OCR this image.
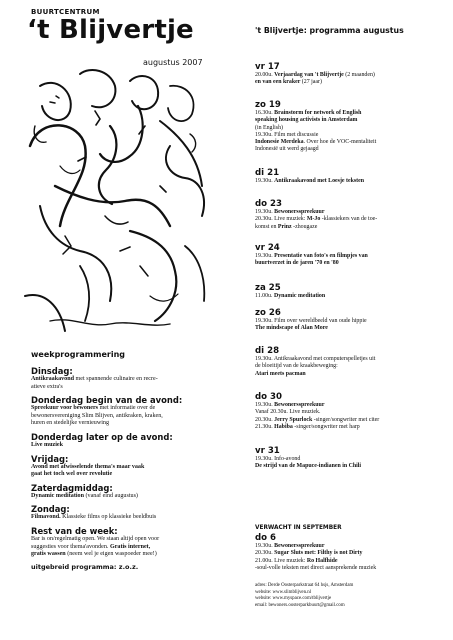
BUURTCENTRUM
‘t Blijvertje
augustus 2007
weekprogrammering
Dinsdag:
Antikraakavond met spannende culinaire en recre-
atieve extra's
Donderdag begin van de avond:
Spreekuur voor bewoners met informatie over de
bewonersvereniging Slim Blijven, antikraken, kraken,
huren en stedelijke vernieuwing
Donderdag later op de avond:
Live muziek
Vrijdag:
Avond met afwisselende thema's maar vaak
gaat het toch wel over revolutie
Zaterdagmiddag:
Dynamic meditation (vanaf eind augustus)
Zondag:
Filmavond. Klassieke films op klassieke beeldbuis
Rest van de week:
Bar is on/regelmatig open. We staan altijd open voor
suggesties voor thema'avonden. Gratis internet,
gratis wassen (neem wel je eigen waspoeder mee!)
uitgebreid programma: z.o.z.
't Blijvertje: programma augustus
vr 17
20.00u. Verjaardag van 't Blijvertje (2 maanden)
en van een kraker (27 jaar)
zo 19
16.30u. Brainstorm for network of English
speaking housing activists in Amsterdam
(in English)
19.30u. Film met discussie
Indonesie Merdeka. Over hoe de VOC-mentaliteit
Indonesië uit werd gejaagd
di 21
19.30u. Antikraakavond met Loesje teksten
do 23
19.30u. Bewonersspreekuur
20.30u. Live muziek: M-Jo -klassiekers van de toe-
komst en Prinz -zhougaze
vr 24
19.30u. Presentatie van foto's en filmpjes van
buurtverzet in de jaren '70 en '80
za 25
11.00u. Dynamic meditation
zo 26
19.30u. Film over wereldbeeld van oude hippie
The mindscape of Alan More
di 28
19.30u. Antikraakavond met computerspelletjes uit
de bloeitijd van de kraakbeweging:
Atari meets pacman
do 30
19.30u. Bewonersspreekuur
Vanaf 20.30u. Live muziek.
20.30u. Jerry Spurlock -singer/songwriter met citer
21.30u. Habiba -singer/songwriter met harp
vr 31
19.30u. Info-avond
De strijd van de Mapuce-indianen in Chili
VERWACHT IN SEPTEMBER
do 6
19.30u. Bewonersspreekuur
20.30u. Sugar Sluts met: Filthy is not Dirty
21.00u. Live muziek: Ro Halfhide
-soul-volle teksten met direct aansprekende muziek
adres: Derde Oosterparkstraat 64 hsjs, Amsterdam
website: www.slimblijven.nl
website: www.myspace.com/tblijvertje
email: bewoners.oosterparkbuurt@gmail.com
